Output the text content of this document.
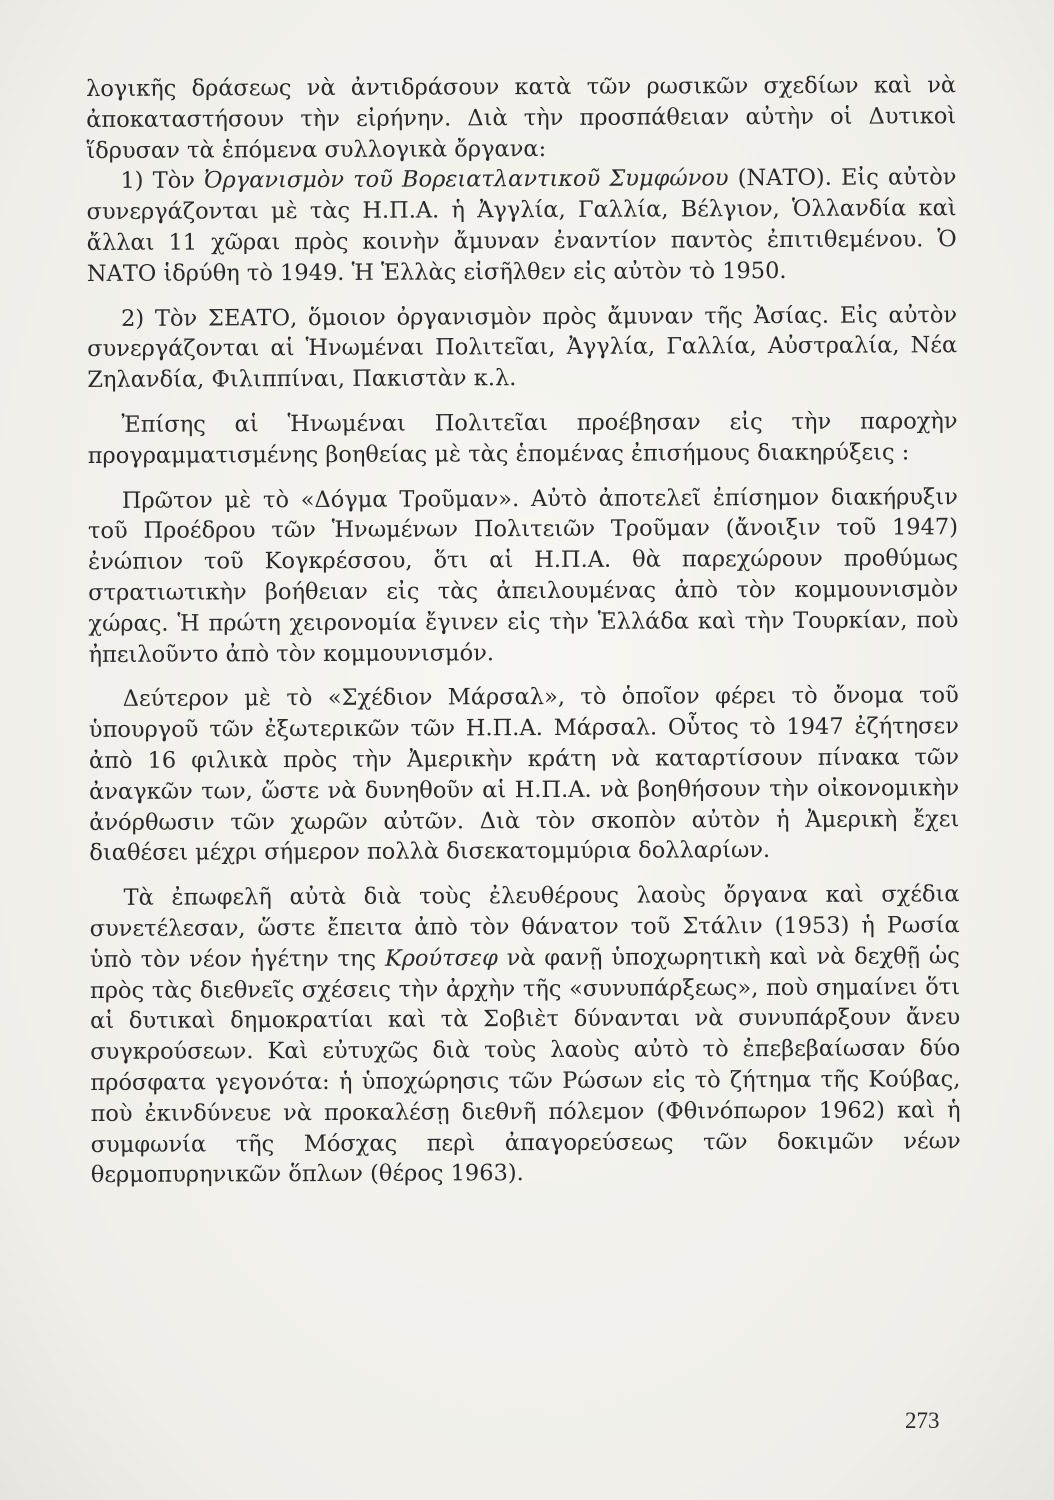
λογικῆς δράσεως νὰ ἀντιδράσουν κατὰ τῶν ρωσικῶν σχεδίων καὶ νὰ ἀποκαταστήσουν τὴν εἰρήνην. Διὰ τὴν προσπάθειαν αὐτὴν οἱ Δυτικοὶ ἵδρυσαν τὰ ἑπόμενα συλλογικὰ ὄργανα:

1) Τὸν Ὀργανισμὸν τοῦ Βορειατλαντικοῦ Συμφώνου (ΝΑΤΟ). Εἰς αὐτὸν συνεργάζονται μὲ τὰς Η.Π.Α. ἡ Ἀγγλία, Γαλλία, Βέλγιον, Ὁλλανδία καὶ ἄλλαι 11 χῶραι πρὸς κοινὴν ἄμυναν ἐναντίον παντὸς ἐπιτιθεμένου. Ὁ ΝΑΤΟ ἱδρύθη τὸ 1949. Ἡ Ἑλλὰς εἰσῆλθεν εἰς αὐτὸν τὸ 1950.

2) Τὸν ΣΕΑΤΟ, ὅμοιον ὀργανισμὸν πρὸς ἄμυναν τῆς Ἀσίας. Εἰς αὐτὸν συνεργάζονται αἱ Ἡνωμέναι Πολιτεῖαι, Ἀγγλία, Γαλλία, Αὐστραλία, Νέα Ζηλανδία, Φιλιππίναι, Πακιστὰν κ.λ.

Ἐπίσης αἱ Ἡνωμέναι Πολιτεῖαι προέβησαν εἰς τὴν παροχὴν προγραμματισμένης βοηθείας μὲ τὰς ἑπομένας ἐπισήμους διακηρύξεις :

Πρῶτον μὲ τὸ «Δόγμα Τροῦμαν». Αὐτὸ ἀποτελεῖ ἐπίσημον διακήρυξιν τοῦ Προέδρου τῶν Ἡνωμένων Πολιτειῶν Τροῦμαν (ἄνοιξιν τοῦ 1947) ἐνώπιον τοῦ Κογκρέσσου, ὅτι αἱ Η.Π.Α. θὰ παρεχώρουν προθύμως στρατιωτικὴν βοήθειαν εἰς τὰς ἀπειλουμένας ἀπὸ τὸν κομμουνισμὸν χώρας. Ἡ πρώτη χειρονομία ἔγινεν εἰς τὴν Ἑλλάδα καὶ τὴν Τουρκίαν, ποὺ ἠπειλοῦντο ἀπὸ τὸν κομμουνισμόν.

Δεύτερον μὲ τὸ «Σχέδιον Μάρσαλ», τὸ ὁποῖον φέρει τὸ ὄνομα τοῦ ὑπουργοῦ τῶν ἐξωτερικῶν τῶν Η.Π.Α. Μάρσαλ. Οὗτος τὸ 1947 ἐζήτησεν ἀπὸ 16 φιλικὰ πρὸς τὴν Ἀμερικὴν κράτη νὰ καταρτίσουν πίνακα τῶν ἀναγκῶν των, ὥστε νὰ δυνηθοῦν αἱ Η.Π.Α. νὰ βοηθήσουν τὴν οἰκονομικὴν ἀνόρθωσιν τῶν χωρῶν αὐτῶν. Διὰ τὸν σκοπὸν αὐτὸν ἡ Ἀμερικὴ ἔχει διαθέσει μέχρι σήμερον πολλὰ δισεκατομμύρια δολλαρίων.

Τὰ ἐπωφελῆ αὐτὰ διὰ τοὺς ἐλευθέρους λαοὺς ὄργανα καὶ σχέδια συνετέλεσαν, ὥστε ἔπειτα ἀπὸ τὸν θάνατον τοῦ Στάλιν (1953) ἡ Ρωσία ὑπὸ τὸν νέον ἡγέτην της Κρούτσεφ νὰ φανῇ ὑποχωρητικὴ καὶ νὰ δεχθῇ ὡς πρὸς τὰς διεθνεῖς σχέσεις τὴν ἀρχὴν τῆς «συνυπάρξεως», ποὺ σημαίνει ὅτι αἱ δυτικαὶ δημοκρατίαι καὶ τὰ Σοβιὲτ δύνανται νὰ συνυπάρξουν ἄνευ συγκρούσεων. Καὶ εὐτυχῶς διὰ τοὺς λαοὺς αὐτὸ τὸ ἐπεβεβαίωσαν δύο πρόσφατα γεγονότα: ἡ ὑποχώρησις τῶν Ρώσων εἰς τὸ ζήτημα τῆς Κούβας, ποὺ ἐκινδύνευε νὰ προκαλέσῃ διεθνῆ πόλεμον (Φθινόπωρον 1962) καὶ ἡ συμφωνία τῆς Μόσχας περὶ ἀπαγορεύσεως τῶν δοκιμῶν νέων θερμοπυρηνικῶν ὅπλων (θέρος 1963).

273
